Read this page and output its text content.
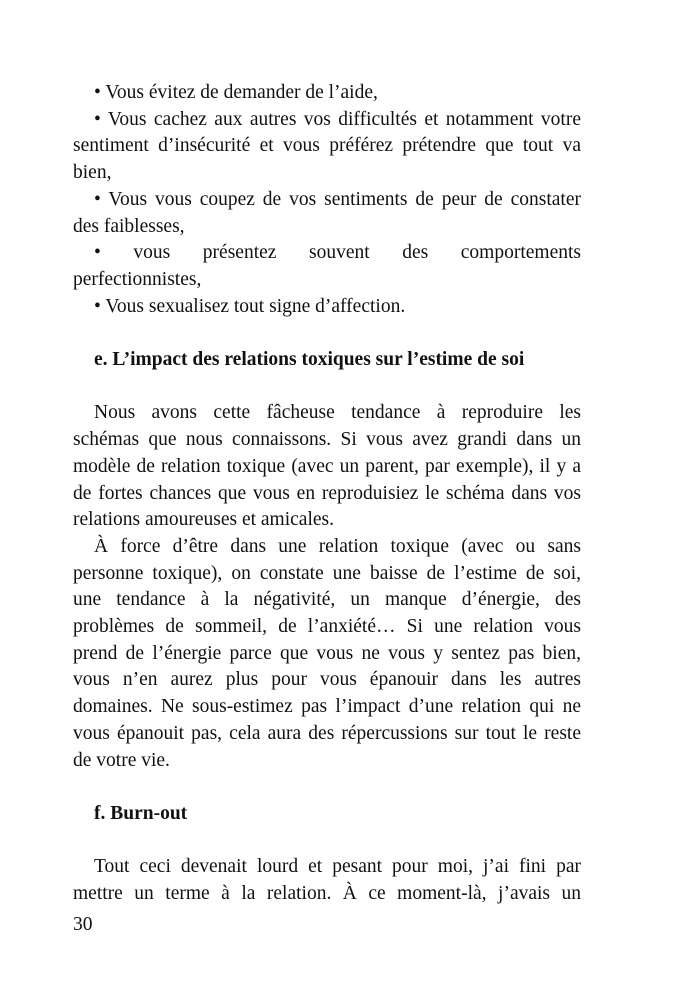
• Vous évitez de demander de l’aide,
• Vous cachez aux autres vos difficultés et notamment votre
sentiment d’insécurité et vous préférez prétendre que tout va
bien,
• Vous vous coupez de vos sentiments de peur de constater
des faiblesses,
• vous présentez souvent des comportements
perfectionnistes,
• Vous sexualisez tout signe d’affection.
e. L’impact des relations toxiques sur l’estime de soi
Nous avons cette fâcheuse tendance à reproduire les
schémas que nous connaissons. Si vous avez grandi dans un
modèle de relation toxique (avec un parent, par exemple), il y a
de fortes chances que vous en reproduisiez le schéma dans vos
relations amoureuses et amicales.
À force d’être dans une relation toxique (avec ou sans
personne toxique), on constate une baisse de l’estime de soi,
une tendance à la négativité, un manque d’énergie, des
problèmes de sommeil, de l’anxiété… Si une relation vous
prend de l’énergie parce que vous ne vous y sentez pas bien,
vous n’en aurez plus pour vous épanouir dans les autres
domaines. Ne sous-estimez pas l’impact d’une relation qui ne
vous épanouit pas, cela aura des répercussions sur tout le reste
de votre vie.
f. Burn-out
Tout ceci devenait lourd et pesant pour moi, j’ai fini par
mettre un terme à la relation. À ce moment-là, j’avais un
30
